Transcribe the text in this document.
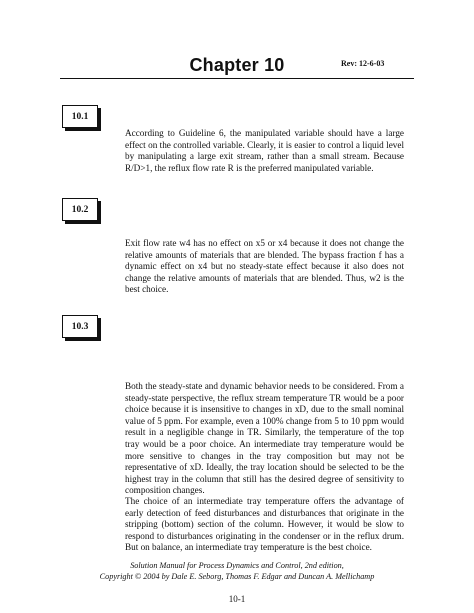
Chapter 10	Rev: 12-6-03
10.1
According to Guideline 6, the manipulated variable should have a large effect on the controlled variable. Clearly, it is easier to control a liquid level by manipulating a large exit stream, rather than a small stream. Because R/D>1, the reflux flow rate R is the preferred manipulated variable.
10.2
Exit flow rate w4 has no effect on x5 or x4 because it does not change the relative amounts of materials that are blended. The bypass fraction f has a dynamic effect on x4 but no steady-state effect because it also does not change the relative amounts of materials that are blended. Thus, w2 is the best choice.
10.3
Both the steady-state and dynamic behavior needs to be considered. From a steady-state perspective, the reflux stream temperature TR would be a poor choice because it is insensitive to changes in xD, due to the small nominal value of 5 ppm. For example, even a 100% change from 5 to 10 ppm would result in a negligible change in TR. Similarly, the temperature of the top tray would be a poor choice. An intermediate tray temperature would be more sensitive to changes in the tray composition but may not be representative of xD. Ideally, the tray location should be selected to be the highest tray in the column that still has the desired degree of sensitivity to composition changes.
The choice of an intermediate tray temperature offers the advantage of early detection of feed disturbances and disturbances that originate in the stripping (bottom) section of the column. However, it would be slow to respond to disturbances originating in the condenser or in the reflux drum. But on balance, an intermediate tray temperature is the best choice.
Solution Manual for Process Dynamics and Control, 2nd edition,
Copyright © 2004 by Dale E. Seborg, Thomas F. Edgar and Duncan A. Mellichamp
10-1
